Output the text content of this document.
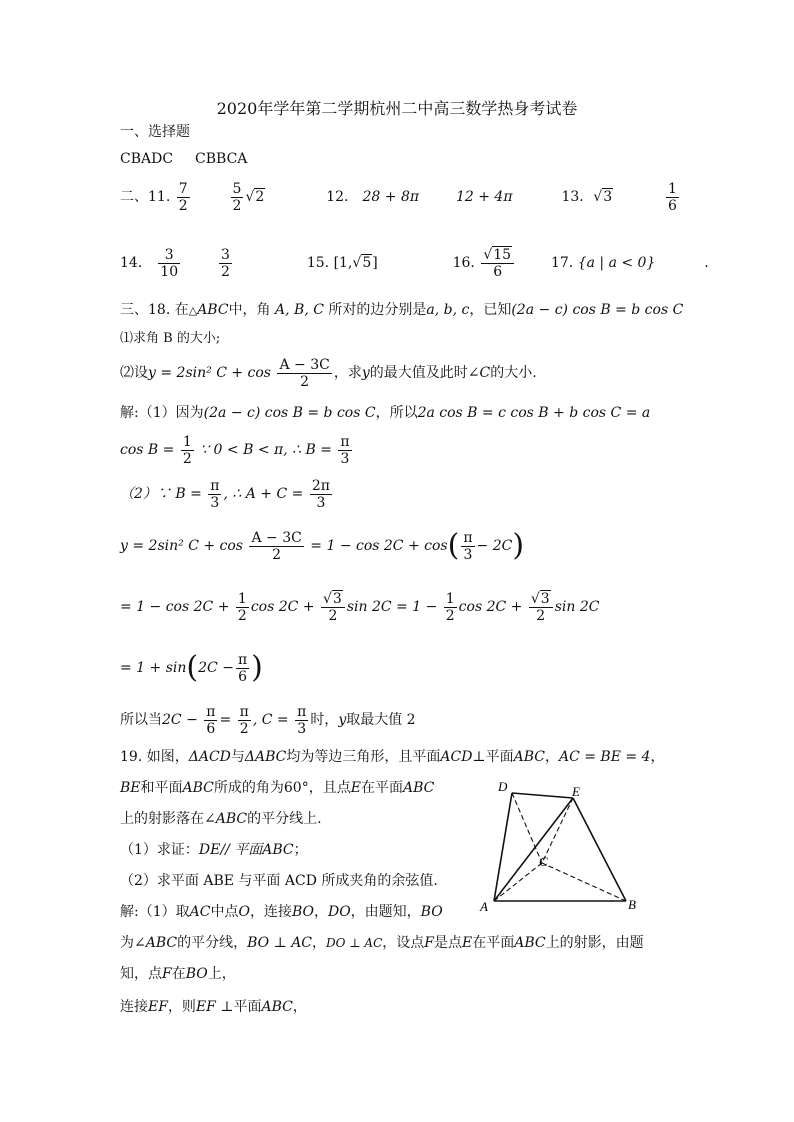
2020年学年第二学期杭州二中高三数学热身考试卷
一、选择题
CBADC CBBCA
二、11. $\frac{7}{2}$
	$\frac{5}{2} √2$	12． 28 + 8π	12 + 4π	13．√3	$\frac{1}{6}$
14． $\frac{3}{10}$
	$\frac{3}{2}$	15. [1,√5]	16. $\frac{√15}{6}$	17. {a | a < 0}	.
三、18. 在△ABC中，角 A, B, C 所对的边分别是a, b, c，已知(2a − c) cos B = b cos C
⑴求角 B 的大小;
⑵设y = 2sin² $C + \cos \frac{A - 3C}{2}$ ，求y的最大值及此时∠C的大小.
解:（1）因为(2a − c) cos B = b cos C，所以2a cos B = c cos B + b cos C = a
$\cos B = \frac{1}{2}$ ∵ 0 < B < π, ∴ $B = \frac{\pi}{3}$
（2）∵ $B = \frac{\pi}{3}$ , ∴ $A + C = \frac{2\pi}{3}$
y = 2sin² $C + \cos \frac{A - 3C}{2} = 1 - \cos 2C + \cos( \frac{\pi}{3} - 2C)$
= $1 - \cos 2C + \frac{1}{2}$ $\cos 2C + \frac{√3}{2}$ $\sin 2C = 1 - \frac{1}{2}$ $\cos 2C + \frac{√3}{2}$ sin 2C
= $1 + \sin(2C - \frac{\pi}{6}$ )
所以当$2C - \frac{\pi}{6} = \frac{\pi}{2}$ , $C = \frac{\pi}{3}$ 时，y取最大值 2
19. 如图，ΔACD与ΔABC均为等边三角形，且平面ACD⊥平面ABC，AC = BE = 4，
BE和平面ABC所成的角为60°，且点E在平面ABC
上的射影落在∠ABC的平分线上.
（1）求证：DE// 平面ABC；
（2）求平面 ABE 与平面 ACD 所成夹角的余弦值.
解:（1）取AC中点O，连接BO，DO，由题知，BO
为∠ABC的平分线，BO ⊥ AC，DO ⊥ AC，设点F是点E在平面ABC上的射影，由题
知，点F在BO上，
连接EF，则EF ⊥平面ABC，
D	E
C
A	B
